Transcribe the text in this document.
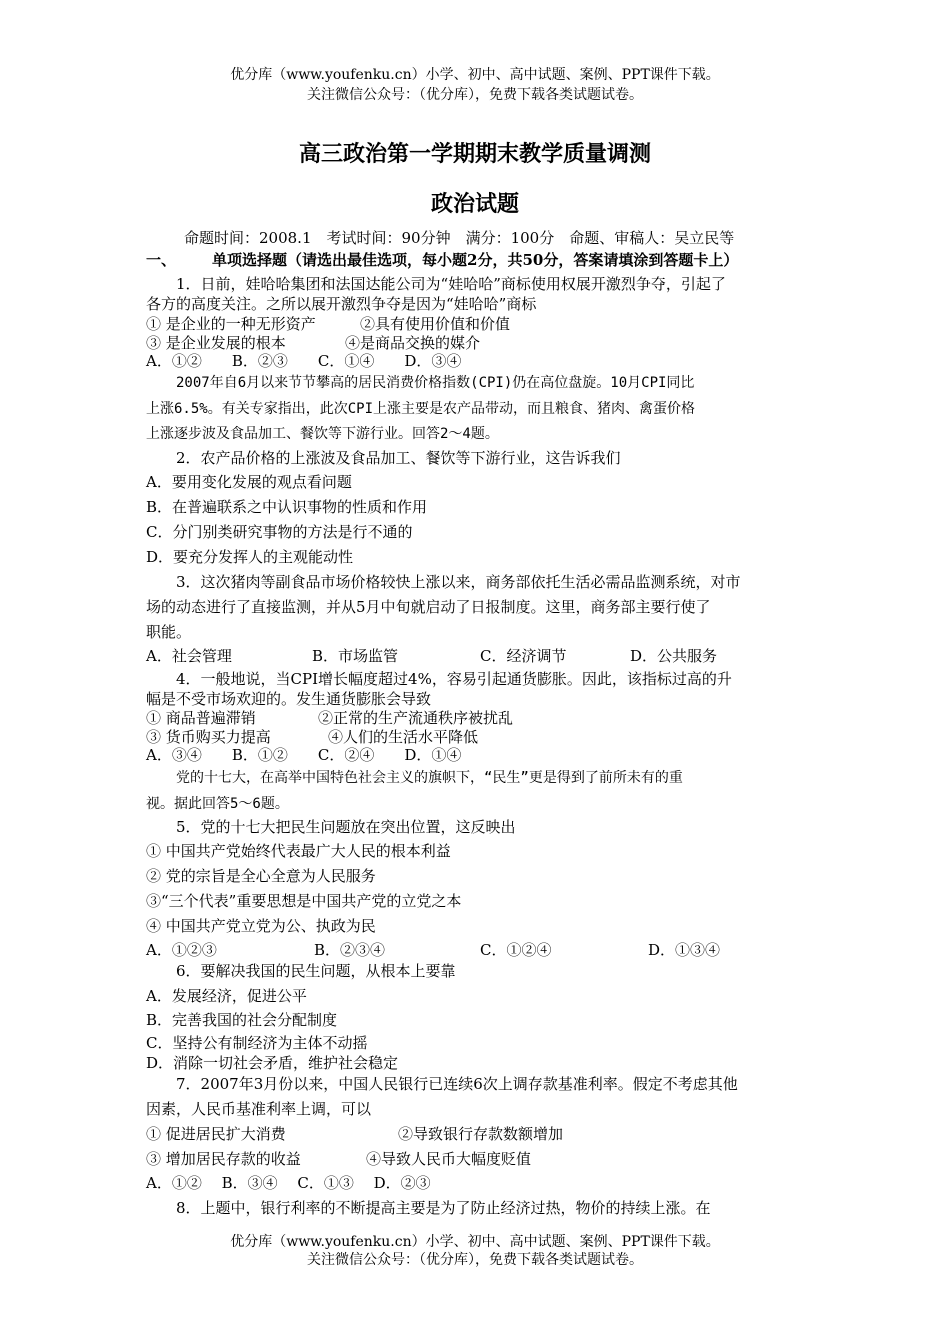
优分库（www.youfenku.cn）小学、初中、高中试题、案例、PPT课件下载。
关注微信公众号：（优分库），免费下载各类试题试卷。
高三政治第一学期期末教学质量调测
政治试题
命题时间：2008.1　考试时间：90分钟　满分：100分　命题、审稿人：吴立民等
一、 单项选择题（请选出最佳选项，每小题2分，共50分，答案请填涂到答题卡上）
1．日前，娃哈哈集团和法国达能公司为“娃哈哈”商标使用权展开激烈争夺，引起了
各方的高度关注。之所以展开激烈争夺是因为“娃哈哈”商标
① 是企业的一种无形资产	②具有使用价值和价值
③ 是企业发展的根本	④是商品交换的媒介
A．①②　　B．②③　　C．①④　　D．③④
2007年自6月以来节节攀高的居民消费价格指数(CPI)仍在高位盘旋。10月CPI同比
上涨6.5%。有关专家指出，此次CPI上涨主要是农产品带动，而且粮食、猪肉、禽蛋价格
上涨逐步波及食品加工、餐饮等下游行业。回答2～4题。
2．农产品价格的上涨波及食品加工、餐饮等下游行业，这告诉我们
A．要用变化发展的观点看问题
B．在普遍联系之中认识事物的性质和作用
C．分门别类研究事物的方法是行不通的
D．要充分发挥人的主观能动性
3．这次猪肉等副食品市场价格较快上涨以来，商务部依托生活必需品监测系统，对市
场的动态进行了直接监测，并从5月中旬就启动了日报制度。这里，商务部主要行使了
职能。
A．社会管理	B．市场监管	C．经济调节	D．公共服务
4．一般地说，当CPI增长幅度超过4%，容易引起通货膨胀。因此，该指标过高的升
幅是不受市场欢迎的。发生通货膨胀会导致
① 商品普遍滞销	②正常的生产流通秩序被扰乱
③ 货币购买力提高	④人们的生活水平降低
A．③④　　B．①②　　C．②④　　D．①④
党的十七大，在高举中国特色社会主义的旗帜下，“民生”更是得到了前所未有的重
视。据此回答5～6题。
5．党的十七大把民生问题放在突出位置，这反映出
① 中国共产党始终代表最广大人民的根本利益
② 党的宗旨是全心全意为人民服务
③“三个代表”重要思想是中国共产党的立党之本
④ 中国共产党立党为公、执政为民
A．①②③	B．②③④	C．①②④	D．①③④
6．要解决我国的民生问题，从根本上要靠
A．发展经济，促进公平
B．完善我国的社会分配制度
C．坚持公有制经济为主体不动摇
D．消除一切社会矛盾，维护社会稳定
7．2007年3月份以来，中国人民银行已连续6次上调存款基准利率。假定不考虑其他
因素，人民币基准利率上调，可以
① 促进居民扩大消费	②导致银行存款数额增加
③ 增加居民存款的收益	④导致人民币大幅度贬值
A．①②　 B．③④　 C．①③　 D．②③
8．上题中，银行利率的不断提高主要是为了防止经济过热，物价的持续上涨。在
优分库（www.youfenku.cn）小学、初中、高中试题、案例、PPT课件下载。
关注微信公众号：（优分库），免费下载各类试题试卷。
